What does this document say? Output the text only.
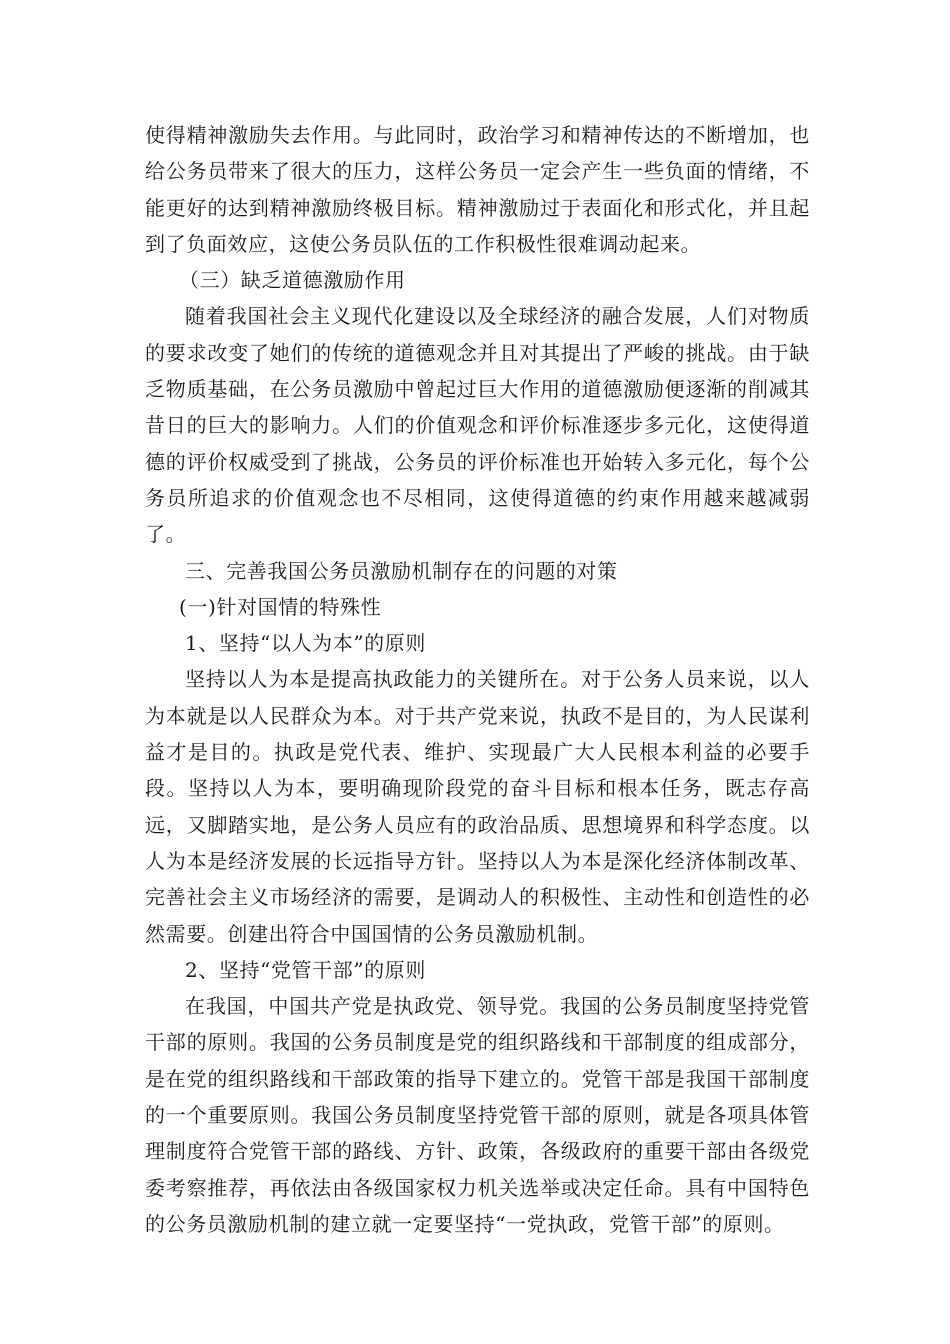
使得精神激励失去作用。与此同时，政治学习和精神传达的不断增加，也给公务员带来了很大的压力，这样公务员一定会产生一些负面的情绪，不能更好的达到精神激励终极目标。精神激励过于表面化和形式化，并且起到了负面效应，这使公务员队伍的工作积极性很难调动起来。

（三）缺乏道德激励作用

随着我国社会主义现代化建设以及全球经济的融合发展，人们对物质的要求改变了她们的传统的道德观念并且对其提出了严峻的挑战。由于缺乏物质基础，在公务员激励中曾起过巨大作用的道德激励便逐渐的削减其昔日的巨大的影响力。人们的价值观念和评价标准逐步多元化，这使得道德的评价权威受到了挑战，公务员的评价标准也开始转入多元化，每个公务员所追求的价值观念也不尽相同，这使得道德的约束作用越来越减弱了。

三、完善我国公务员激励机制存在的问题的对策

(一)针对国情的特殊性

1、坚持“以人为本”的原则

坚持以人为本是提高执政能力的关键所在。对于公务人员来说，以人为本就是以人民群众为本。对于共产党来说，执政不是目的，为人民谋利益才是目的。执政是党代表、维护、实现最广大人民根本利益的必要手段。坚持以人为本，要明确现阶段党的奋斗目标和根本任务，既志存高远，又脚踏实地，是公务人员应有的政治品质、思想境界和科学态度。以人为本是经济发展的长远指导方针。坚持以人为本是深化经济体制改革、完善社会主义市场经济的需要，是调动人的积极性、主动性和创造性的必然需要。创建出符合中国国情的公务员激励机制。

2、坚持“党管干部”的原则

在我国，中国共产党是执政党、领导党。我国的公务员制度坚持党管干部的原则。我国的公务员制度是党的组织路线和干部制度的组成部分，是在党的组织路线和干部政策的指导下建立的。党管干部是我国干部制度的一个重要原则。我国公务员制度坚持党管干部的原则，就是各项具体管理制度符合党管干部的路线、方针、政策，各级政府的重要干部由各级党委考察推荐，再依法由各级国家权力机关选举或决定任命。具有中国特色的公务员激励机制的建立就一定要坚持“一党执政，党管干部”的原则。
